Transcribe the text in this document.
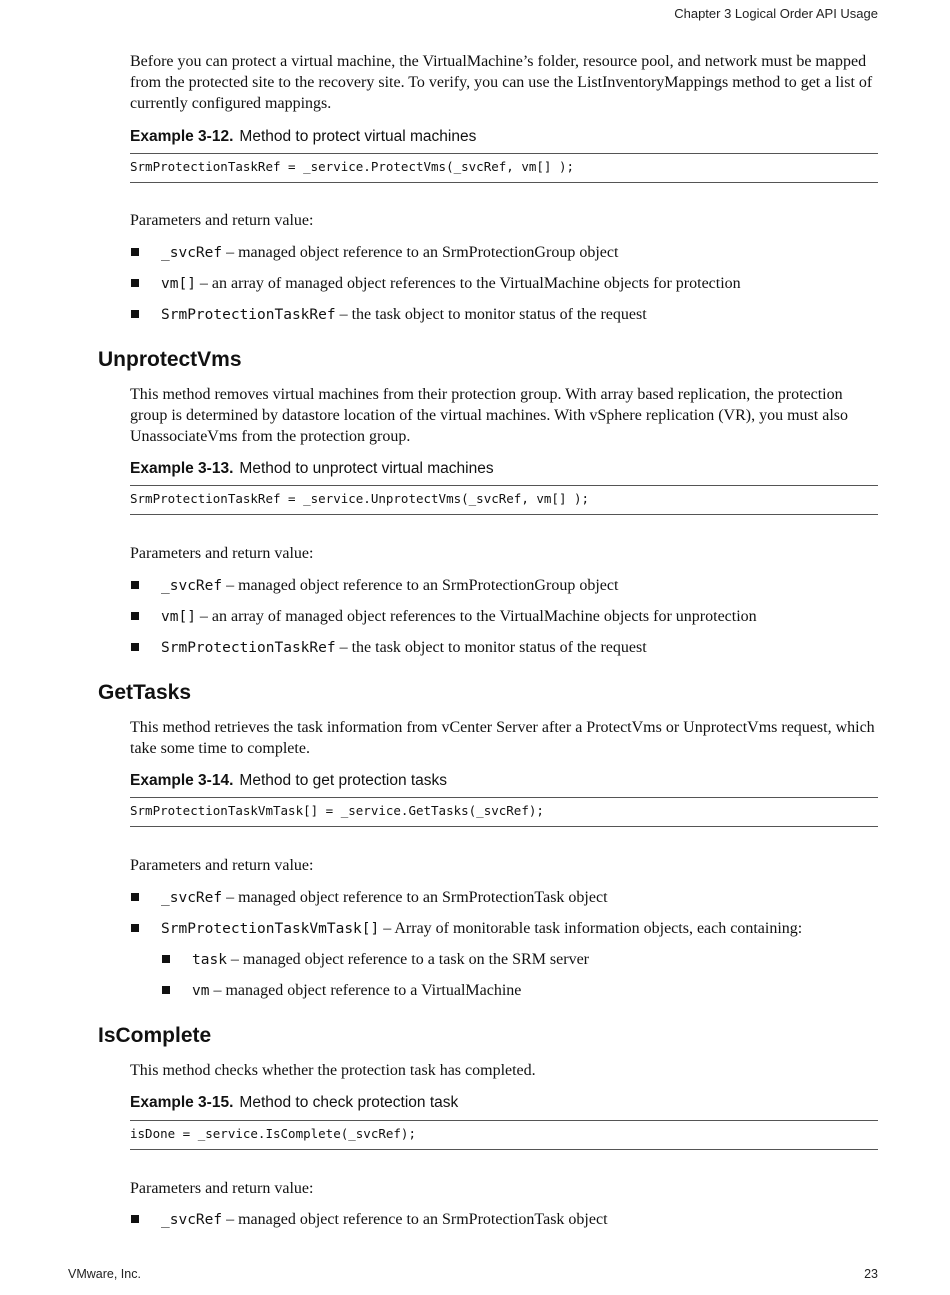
Chapter 3 Logical Order API Usage
Before you can protect a virtual machine, the VirtualMachine’s folder, resource pool, and network must be mapped from the protected site to the recovery site. To verify, you can use the ListInventoryMappings method to get a list of currently configured mappings.
Example 3-12. Method to protect virtual machines
SrmProtectionTaskRef = _service.ProtectVms(_svcRef, vm[] );
Parameters and return value:
_svcRef – managed object reference to an SrmProtectionGroup object
vm[] – an array of managed object references to the VirtualMachine objects for protection
SrmProtectionTaskRef – the task object to monitor status of the request
UnprotectVms
This method removes virtual machines from their protection group. With array based replication, the protection group is determined by datastore location of the virtual machines. With vSphere replication (VR), you must also UnassociateVms from the protection group.
Example 3-13. Method to unprotect virtual machines
SrmProtectionTaskRef = _service.UnprotectVms(_svcRef, vm[] );
Parameters and return value:
_svcRef – managed object reference to an SrmProtectionGroup object
vm[] – an array of managed object references to the VirtualMachine objects for unprotection
SrmProtectionTaskRef – the task object to monitor status of the request
GetTasks
This method retrieves the task information from vCenter Server after a ProtectVms or UnprotectVms request, which take some time to complete.
Example 3-14. Method to get protection tasks
SrmProtectionTaskVmTask[] = _service.GetTasks(_svcRef);
Parameters and return value:
_svcRef – managed object reference to an SrmProtectionTask object
SrmProtectionTaskVmTask[] – Array of monitorable task information objects, each containing:
task – managed object reference to a task on the SRM server
vm – managed object reference to a VirtualMachine
IsComplete
This method checks whether the protection task has completed.
Example 3-15. Method to check protection task
isDone = _service.IsComplete(_svcRef);
Parameters and return value:
_svcRef – managed object reference to an SrmProtectionTask object
VMware, Inc.	23
